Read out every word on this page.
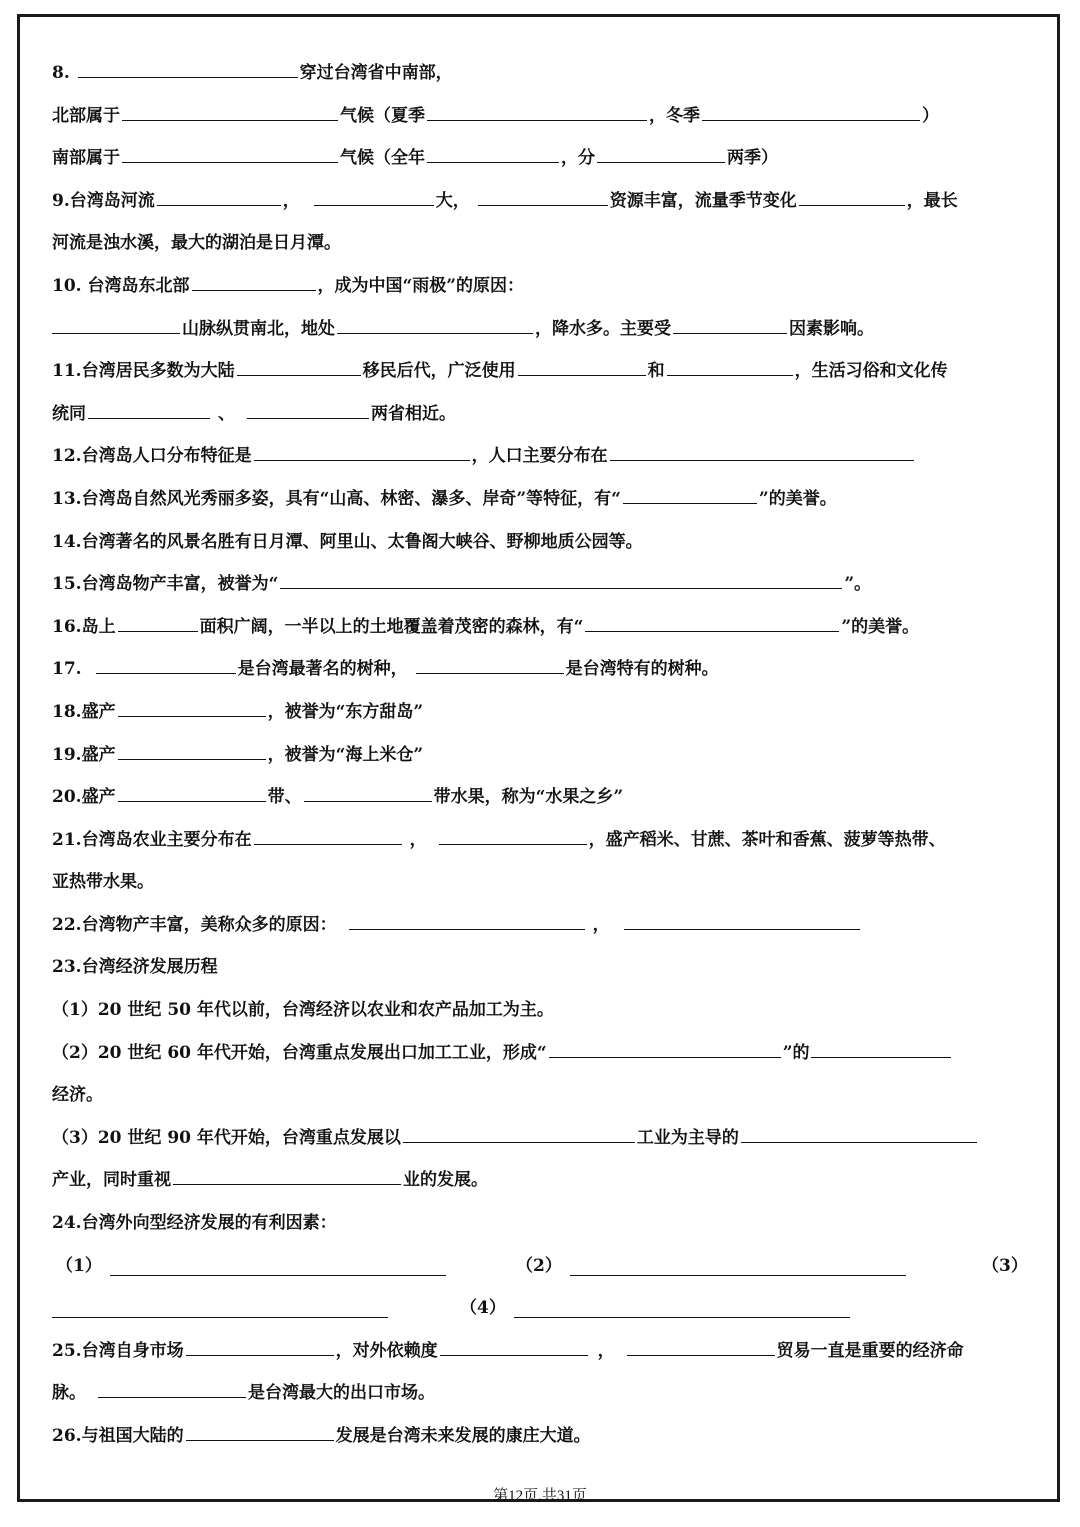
8.	穿过台湾省中南部，
北部属于	气候（夏季	，冬季	）
南部属于	气候（全年	，分	两季）
9.台湾岛河流	，	大，	资源丰富，流量季节变化	，最长
河流是浊水溪，最大的湖泊是日月潭。
10. 台湾岛东北部	，成为中国“雨极”的原因：
山脉纵贯南北，地处	，降水多。主要受	因素影响。
11.台湾居民多数为大陆	移民后代，广泛使用	和	，生活习俗和文化传
统同	、	两省相近。
12.台湾岛人口分布特征是	，人口主要分布在
13.台湾岛自然风光秀丽多姿，具有“山高、林密、瀑多、岸奇”等特征，有“	”的美誉。
14.台湾著名的风景名胜有日月潭、阿里山、太鲁阁大峡谷、野柳地质公园等。
15.台湾岛物产丰富，被誉为“	”。
16.岛上	面积广阔，一半以上的土地覆盖着茂密的森林，有“	”的美誉。
17.	是台湾最著名的树种，	是台湾特有的树种。
18.盛产	，被誉为“东方甜岛”
19.盛产	，被誉为“海上米仓”
20.盛产	带、	带水果，称为“水果之乡”
21.台湾岛农业主要分布在	，	，盛产稻米、甘蔗、茶叶和香蕉、菠萝等热带、
亚热带水果。
22.台湾物产丰富，美称众多的原因：	，
23.台湾经济发展历程
（1）20 世纪 50 年代以前，台湾经济以农业和农产品加工为主。
（2）20 世纪 60 年代开始，台湾重点发展出口加工工业，形成“	”的
经济。
（3）20 世纪 90 年代开始，台湾重点发展以	工业为主导的
产业，同时重视	业的发展。
24.台湾外向型经济发展的有利因素：
（1）	（2）	（3）
（4）
25.台湾自身市场	，对外依赖度	，	贸易一直是重要的经济命
脉。	是台湾最大的出口市场。
26.与祖国大陆的	发展是台湾未来发展的康庄大道。
第12页,共31页
